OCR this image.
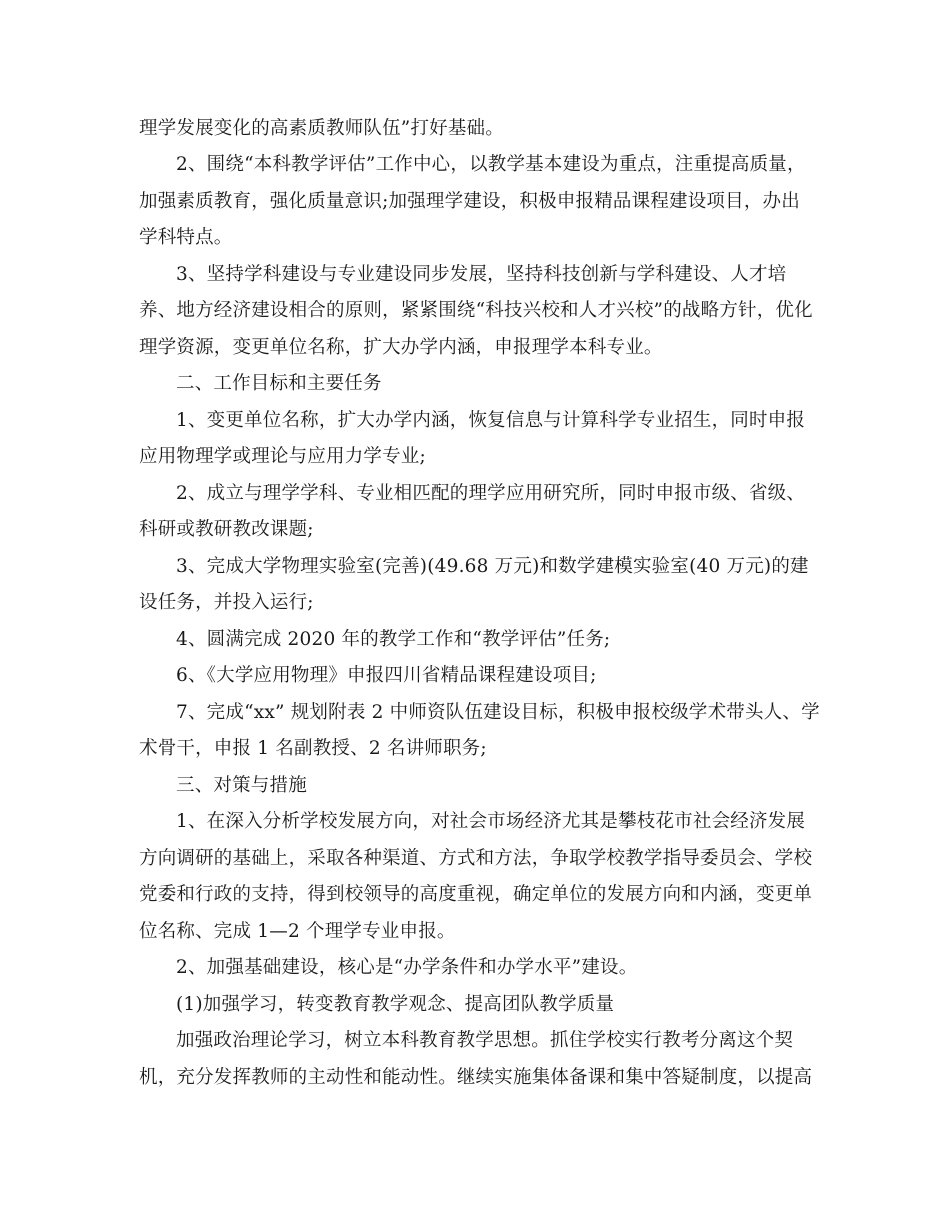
理学发展变化的高素质教师队伍”打好基础。
2、围绕“本科教学评估”工作中心，以教学基本建设为重点，注重提高质量，
加强素质教育，强化质量意识;加强理学建设，积极申报精品课程建设项目，办出
学科特点。
3、坚持学科建设与专业建设同步发展，坚持科技创新与学科建设、人才培
养、地方经济建设相合的原则，紧紧围绕“科技兴校和人才兴校”的战略方针，优化
理学资源，变更单位名称，扩大办学内涵，申报理学本科专业。
二、工作目标和主要任务
1、变更单位名称，扩大办学内涵，恢复信息与计算科学专业招生，同时申报
应用物理学或理论与应用力学专业;
2、成立与理学学科、专业相匹配的理学应用研究所，同时申报市级、省级、
科研或教研教改课题;
3、完成大学物理实验室(完善)(49.68 万元)和数学建模实验室(40 万元)的建
设任务，并投入运行;
4、圆满完成 2020 年的教学工作和“教学评估”任务;
6、《大学应用物理》申报四川省精品课程建设项目;
7、完成“xx” 规划附表 2 中师资队伍建设目标，积极申报校级学术带头人、学
术骨干，申报 1 名副教授、2 名讲师职务;
三、对策与措施
1、在深入分析学校发展方向，对社会市场经济尤其是攀枝花市社会经济发展
方向调研的基础上，采取各种渠道、方式和方法，争取学校教学指导委员会、学校
党委和行政的支持，得到校领导的高度重视，确定单位的发展方向和内涵，变更单
位名称、完成 1—2 个理学专业申报。
2、加强基础建设，核心是“办学条件和办学水平”建设。
(1)加强学习，转变教育教学观念、提高团队教学质量
加强政治理论学习，树立本科教育教学思想。抓住学校实行教考分离这个契
机，充分发挥教师的主动性和能动性。继续实施集体备课和集中答疑制度，以提高
